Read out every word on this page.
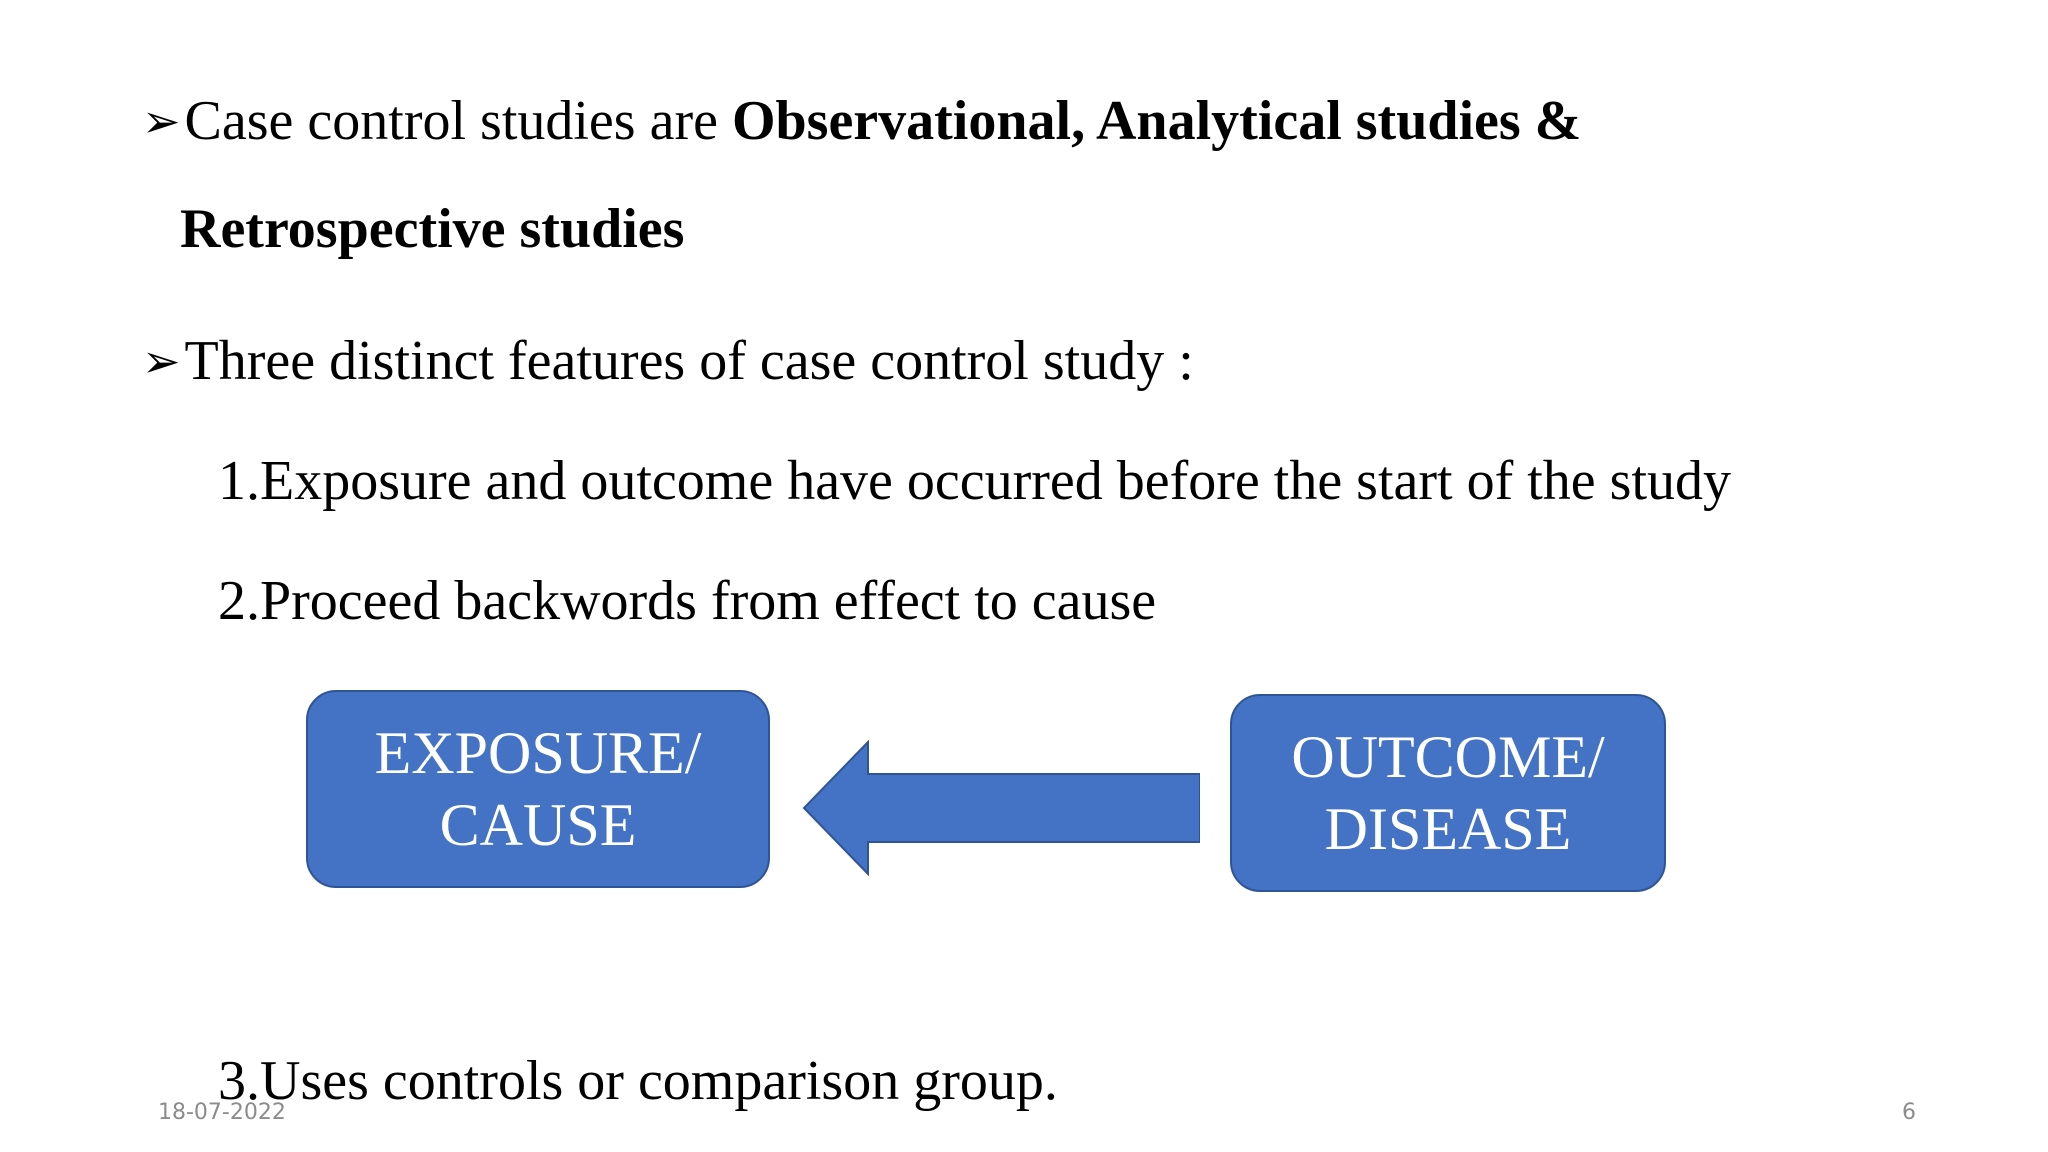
➢Case control studies are Observational, Analytical studies &
Retrospective studies
➢Three distinct features of case control study :
1.Exposure and outcome have occurred before the start of the study
2.Proceed backwords from effect to cause
EXPOSURE/
CAUSE
OUTCOME/
DISEASE
3.Uses controls or comparison group.
18-07-2022	6
